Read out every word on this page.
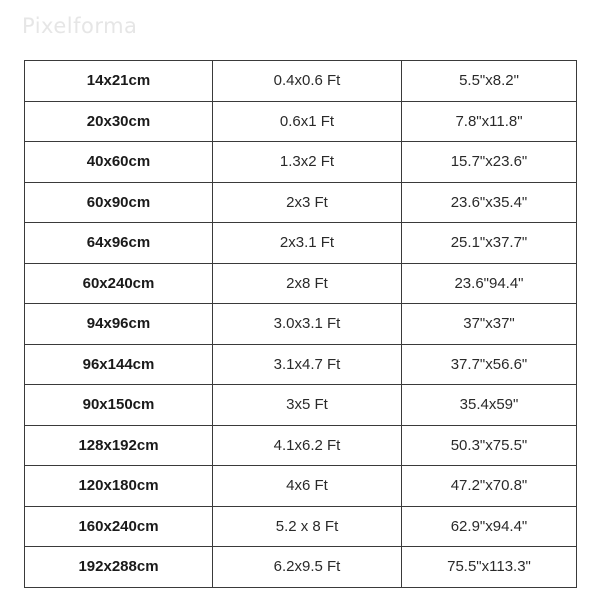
Pixelforma
14x21cm	0.4x0.6 Ft	5.5"x8.2"
20x30cm	0.6x1 Ft	7.8"x11.8"
40x60cm	1.3x2 Ft	15.7"x23.6"
60x90cm	2x3 Ft	23.6"x35.4"
64x96cm	2x3.1 Ft	25.1"x37.7"
60x240cm	2x8 Ft	23.6"94.4"
94x96cm	3.0x3.1 Ft	37"x37"
96x144cm	3.1x4.7 Ft	37.7"x56.6"
90x150cm	3x5 Ft	35.4x59"
128x192cm	4.1x6.2 Ft	50.3"x75.5"
120x180cm	4x6 Ft	47.2"x70.8"
160x240cm	5.2 x 8 Ft	62.9"x94.4"
192x288cm	6.2x9.5 Ft	75.5"x113.3"
